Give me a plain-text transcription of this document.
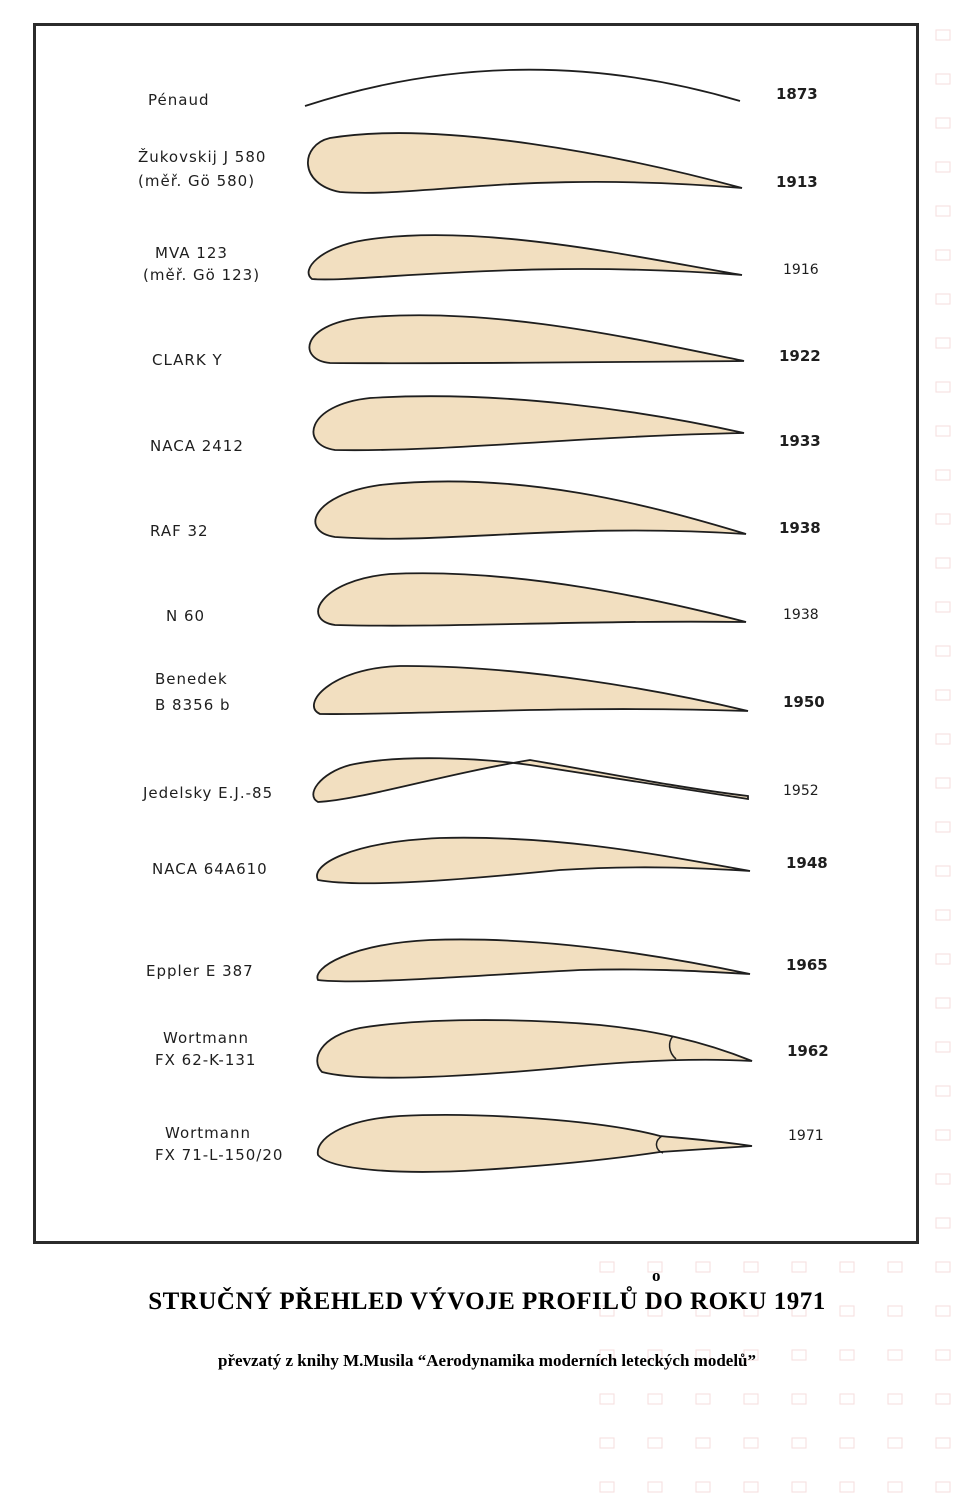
Pénaud
Žukovskij J 580
(měř. Gö 580)
MVA 123
(měř. Gö 123)
CLARK Y
NACA 2412
RAF 32
N 60
Benedek
B 8356 b
Jedelsky E.J.-85
NACA 64A610
Eppler E 387
Wortmann
FX 62-K-131
Wortmann
FX 71-L-150/20
1873
1913
1916
1922
1933
1938
1938
1950
1952
1948
1965
1962
1971
o
STRUČNÝ PŘEHLED VÝVOJE PROFILŮ DO ROKU 1971
převzatý z knihy M.Musila “Aerodynamika moderních leteckých modelů”
